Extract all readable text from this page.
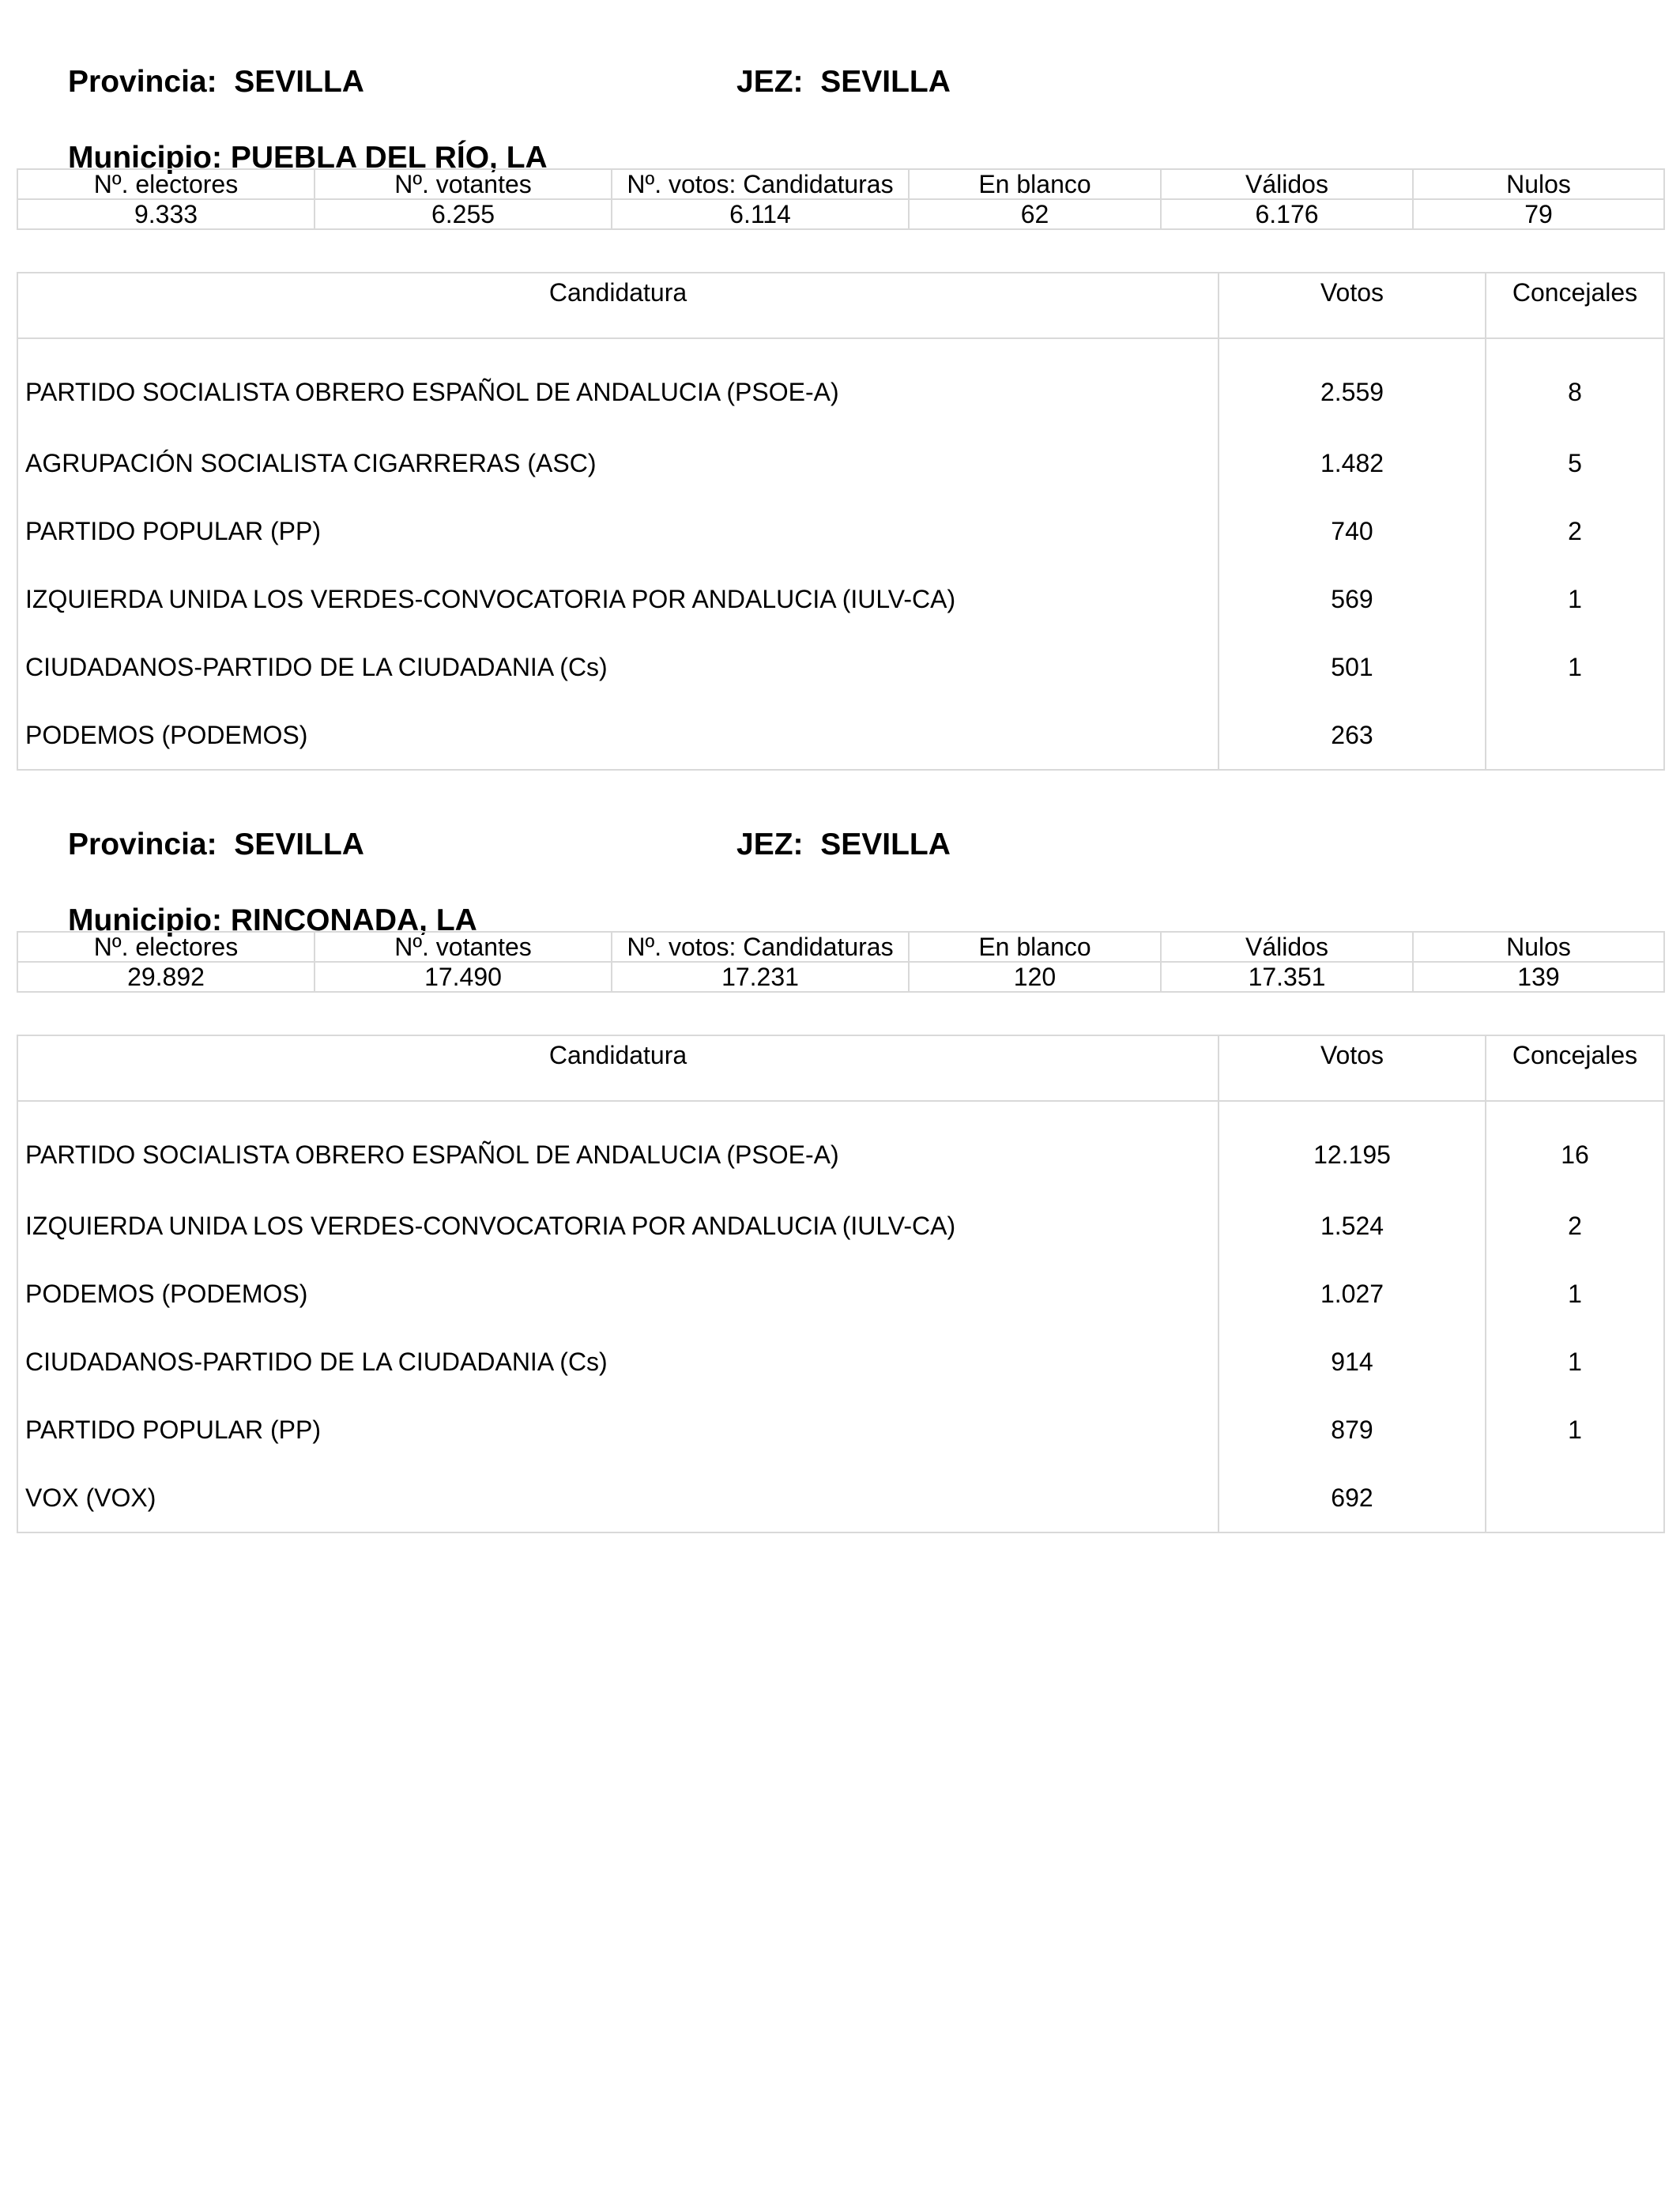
Provincia: SEVILLA
	JEZ: SEVILLA

Municipio: PUEBLA DEL RÍO, LA

Nº. electores	Nº. votantes	Nº. votos: Candidaturas	En blanco	Válidos	Nulos
9.333	6.255	6.114	62	6.176	79
Candidatura	Votos	Concejales
PARTIDO SOCIALISTA OBRERO ESPAÑOL DE ANDALUCIA (PSOE-A)	2.559	8
AGRUPACIÓN SOCIALISTA CIGARRERAS (ASC)	1.482	5
PARTIDO POPULAR (PP)	740	2
IZQUIERDA UNIDA LOS VERDES-CONVOCATORIA POR ANDALUCIA (IULV-CA)	569	1
CIUDADANOS-PARTIDO DE LA CIUDADANIA (Cs)	501	1
PODEMOS (PODEMOS)	263	

Provincia: SEVILLA
	JEZ: SEVILLA

Municipio: RINCONADA, LA

Nº. electores	Nº. votantes	Nº. votos: Candidaturas	En blanco	Válidos	Nulos
29.892	17.490	17.231	120	17.351	139
Candidatura	Votos	Concejales
PARTIDO SOCIALISTA OBRERO ESPAÑOL DE ANDALUCIA (PSOE-A)	12.195	16
IZQUIERDA UNIDA LOS VERDES-CONVOCATORIA POR ANDALUCIA (IULV-CA)	1.524	2
PODEMOS (PODEMOS)	1.027	1
CIUDADANOS-PARTIDO DE LA CIUDADANIA (Cs)	914	1
PARTIDO POPULAR (PP)	879	1
VOX (VOX)	692	
